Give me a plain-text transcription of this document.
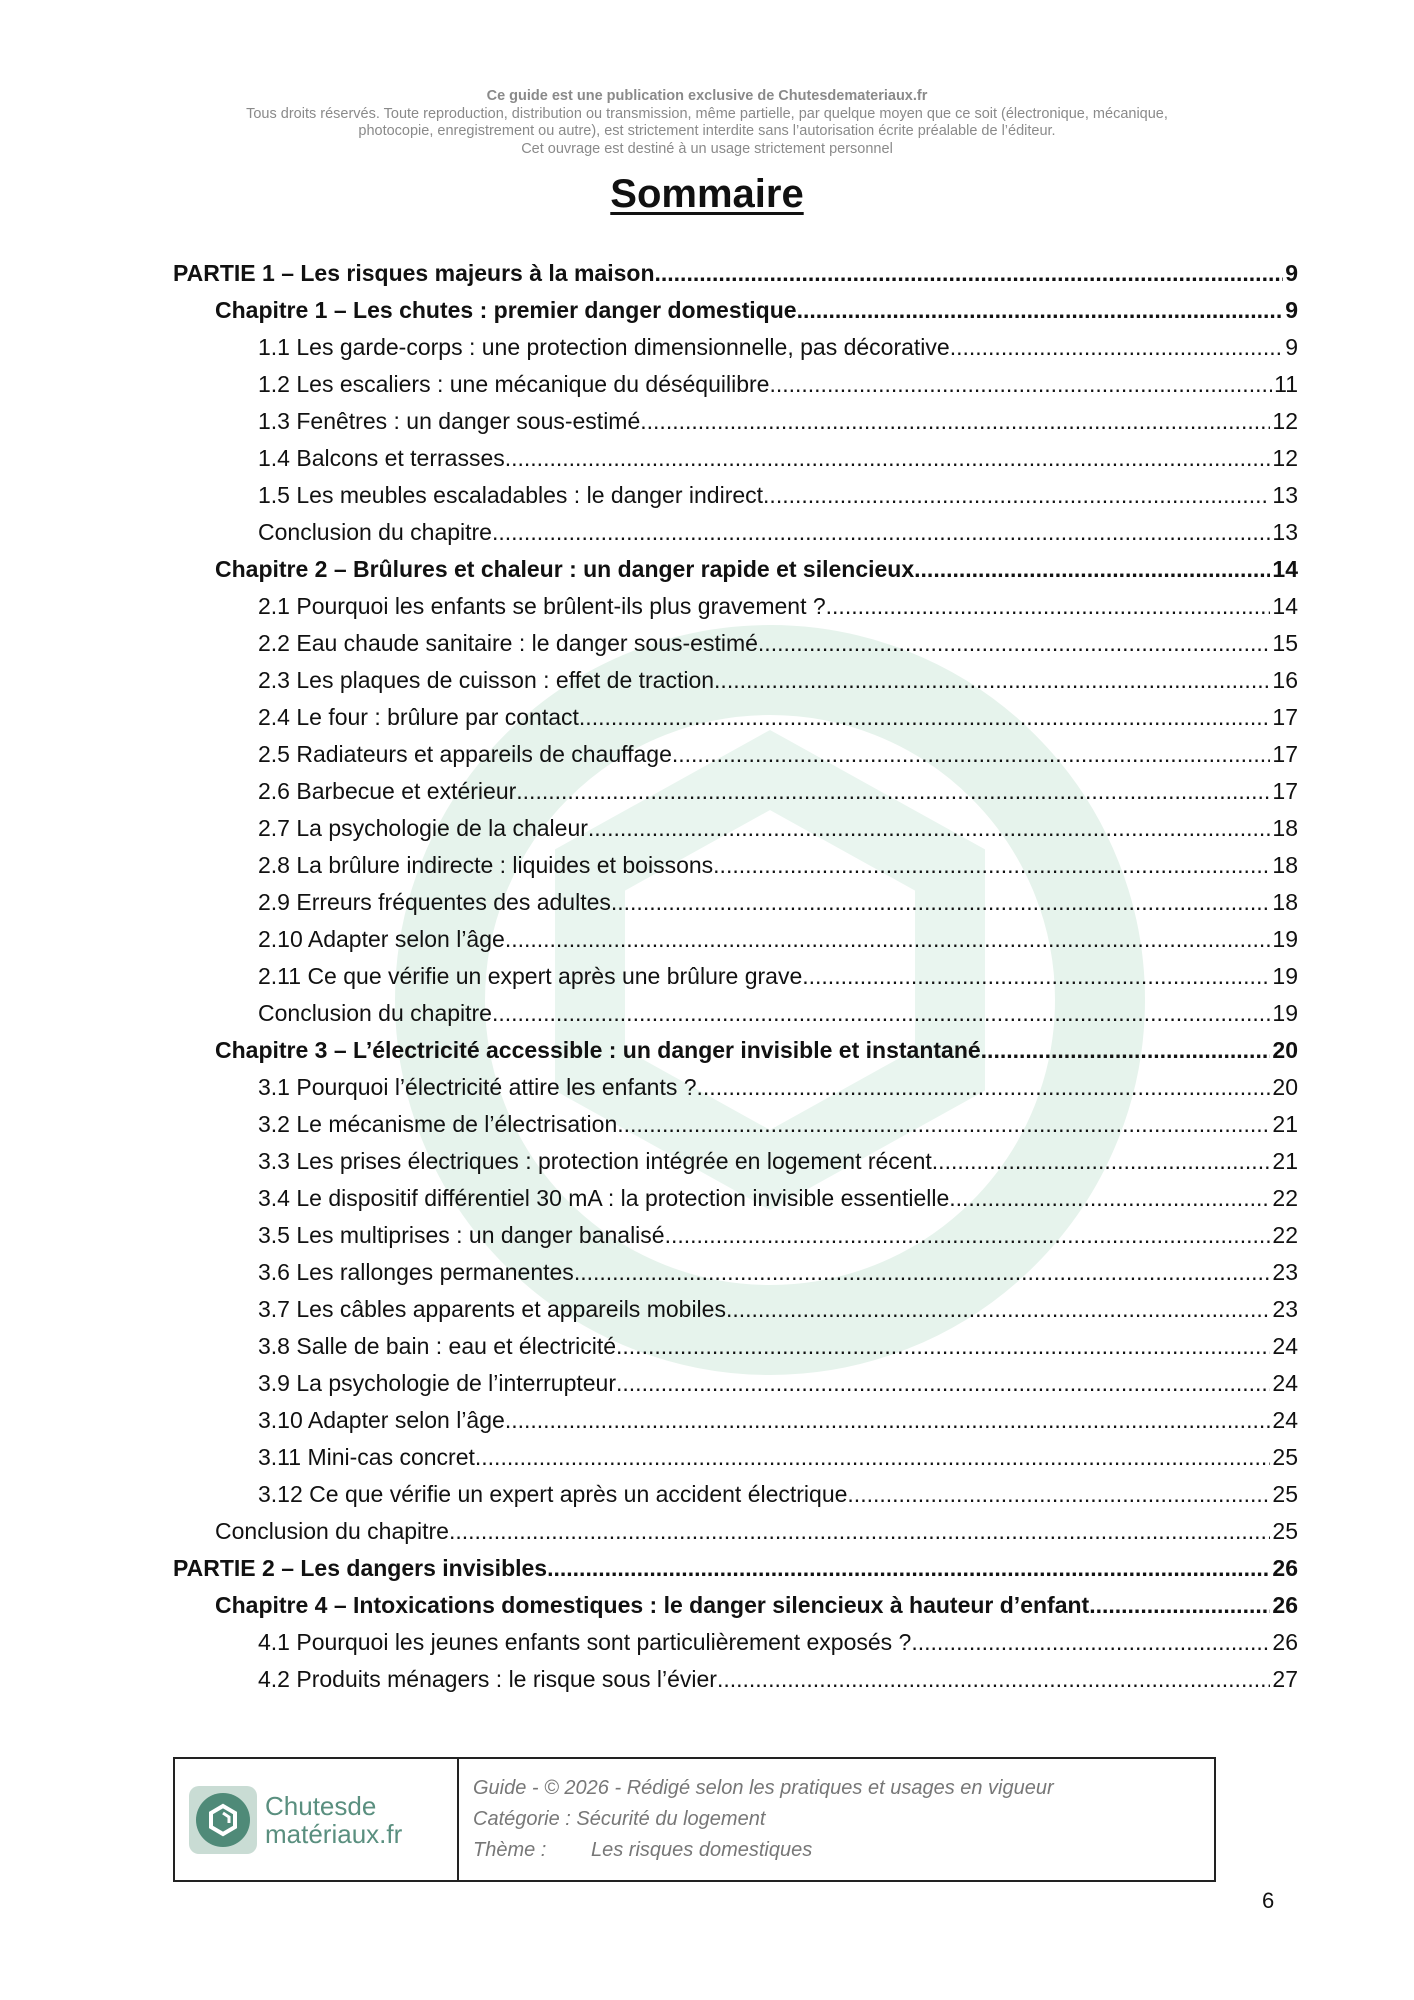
Ce guide est une publication exclusive de Chutesdemateriaux.fr
Tous droits réservés. Toute reproduction, distribution ou transmission, même partielle, par quelque moyen que ce soit (électronique, mécanique,
photocopie, enregistrement ou autre), est strictement interdite sans l’autorisation écrite préalable de l’éditeur.
Cet ouvrage est destiné à un usage strictement personnel
Sommaire
PARTIE 1 – Les risques majeurs à la maison .....	9
Chapitre 1 – Les chutes : premier danger domestique .....	9
1.1 Les garde-corps : une protection dimensionnelle, pas décorative .....	9
1.2 Les escaliers : une mécanique du déséquilibre .....	11
1.3 Fenêtres : un danger sous-estimé .....	12
1.4 Balcons et terrasses .....	12
1.5 Les meubles escaladables : le danger indirect .....	13
Conclusion du chapitre .....	13
Chapitre 2 – Brûlures et chaleur : un danger rapide et silencieux .....	14
2.1 Pourquoi les enfants se brûlent-ils plus gravement ? .....	14
2.2 Eau chaude sanitaire : le danger sous-estimé .....	15
2.3 Les plaques de cuisson : effet de traction .....	16
2.4 Le four : brûlure par contact .....	17
2.5 Radiateurs et appareils de chauffage .....	17
2.6 Barbecue et extérieur .....	17
2.7 La psychologie de la chaleur .....	18
2.8 La brûlure indirecte : liquides et boissons .....	18
2.9 Erreurs fréquentes des adultes .....	18
2.10 Adapter selon l’âge .....	19
2.11 Ce que vérifie un expert après une brûlure grave .....	19
Conclusion du chapitre .....	19
Chapitre 3 – L’électricité accessible : un danger invisible et instantané .....	20
3.1 Pourquoi l’électricité attire les enfants ? .....	20
3.2 Le mécanisme de l’électrisation .....	21
3.3 Les prises électriques : protection intégrée en logement récent .....	21
3.4 Le dispositif différentiel 30 mA : la protection invisible essentielle .....	22
3.5 Les multiprises : un danger banalisé .....	22
3.6 Les rallonges permanentes .....	23
3.7 Les câbles apparents et appareils mobiles .....	23
3.8 Salle de bain : eau et électricité .....	24
3.9 La psychologie de l’interrupteur .....	24
3.10 Adapter selon l’âge .....	24
3.11 Mini-cas concret .....	25
3.12 Ce que vérifie un expert après un accident électrique .....	25
Conclusion du chapitre .....	25
PARTIE 2 – Les dangers invisibles .....	26
Chapitre 4 – Intoxications domestiques : le danger silencieux à hauteur d’enfant .....	26
4.1 Pourquoi les jeunes enfants sont particulièrement exposés ? .....	26
4.2 Produits ménagers : le risque sous l’évier .....	27
Chutesde
matériaux.fr
Guide - © 2026 - Rédigé selon les pratiques et usages en vigueur
Catégorie : Sécurité du logement
Thème : Les risques domestiques
6
